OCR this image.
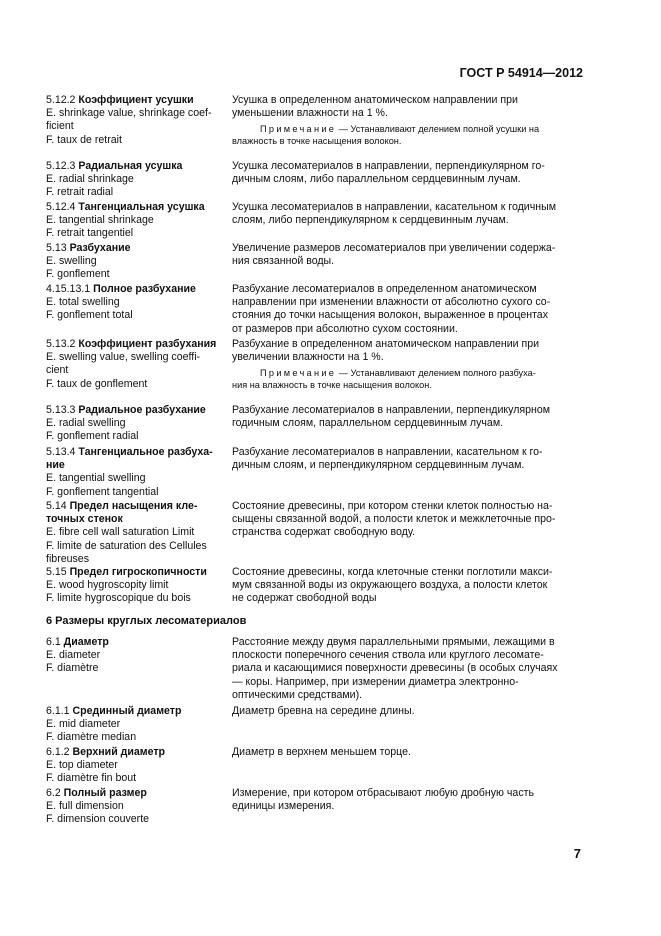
ГОСТ Р 54914—2012
5.12.2 Коэффициент усушки
E. shrinkage value, shrinkage coef-
ficient
F. taux de retrait
Усушка в определенном анатомическом направлении при
уменьшении влажности на 1 %.
Примечание — Устанавливают делением полной усушки на
влажность в точке насыщения волокон.
5.12.3 Радиальная усушка
E. radial shrinkage
F. retrait radial
Усушка лесоматериалов в направлении, перпендикулярном го-
дичным слоям, либо параллельном сердцевинным лучам.
5.12.4 Тангенциальная усушка
E. tangential shrinkage
F. retrait tangentiel
Усушка лесоматериалов в направлении, касательном к годичным
слоям, либо перпендикулярном к сердцевинным лучам.
5.13 Разбухание
E. swelling
F. gonflement
Увеличение размеров лесоматериалов при увеличении содержа-
ния связанной воды.
4.15.13.1 Полное разбухание
E. total swelling
F. gonflement total
Разбухание лесоматериалов в определенном анатомическом
направлении при изменении влажности от абсолютно сухого со-
стояния до точки насыщения волокон, выраженное в процентах
от размеров при абсолютно сухом состоянии.
5.13.2 Коэффициент разбухания
E. swelling value, swelling coeffi-
cient
F. taux de gonflement
Разбухание в определенном анатомическом направлении при
увеличении влажности на 1 %.
Примечание — Устанавливают делением полного разбуха-
ния на влажность в точке насыщения волокон.
5.13.3 Радиальное разбухание
E. radial swelling
F. gonflement radial
Разбухание лесоматериалов в направлении, перпендикулярном
годичным слоям, параллельном сердцевинным лучам.
5.13.4 Тангенциальное разбуха-
ние
E. tangential swelling
F. gonflement tangential
Разбухание лесоматериалов в направлении, касательном к го-
дичным слоям, и перпендикулярном сердцевинным лучам.
5.14 Предел насыщения кле-
точных стенок
E. fibre cell wall saturation Limit
F. limite de saturation des Cellules
fibreuses
Состояние древесины, при котором стенки клеток полностью на-
сыщены связанной водой, а полости клеток и межклеточные про-
странства содержат свободную воду.
5.15 Предел гигроскопичности
E. wood hygroscopity limit
F. limite hygroscopique du bois
Состояние древесины, когда клеточные стенки поглотили макси-
мум связанной воды из окружающего воздуха, а полости клеток
не содержат свободной воды
6 Размеры круглых лесоматериалов
6.1 Диаметр
E. diameter
F. diamètre
Расстояние между двумя параллельными прямыми, лежащими в
плоскости поперечного сечения ствола или круглого лесомате-
риала и касающимися поверхности древесины (в особых случаях
— коры. Например, при измерении диаметра электронно-
оптическими средствами).
6.1.1 Срединный диаметр
E. mid diameter
F. diamètre median
Диаметр бревна на середине длины.
6.1.2 Верхний диаметр
E. top diameter
F. diamètre fin bout
Диаметр в верхнем меньшем торце.
6.2 Полный размер
E. full dimension
F. dimension couverte
Измерение, при котором отбрасывают любую дробную часть
единицы измерения.
7
